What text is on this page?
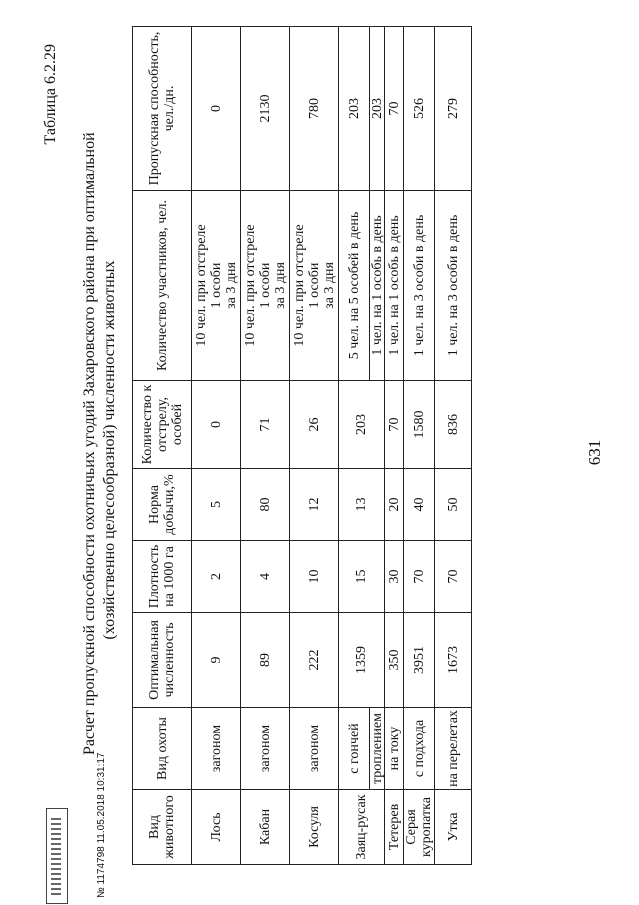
631
Таблица 6.2.29
Расчет пропускной способности охотничьих угодий Захаровского района при оптимальной (хозяйственно целесообразной) численности животных
Вид животного	Вид охоты	Оптимальная численность	Плотность на 1000 га	Норма добычи,%	Количество к отстрелу, особей	Количество участников, чел.	Пропускная способность, чел./дн.
Лось	загоном	9	2	5	0	10 чел. при отстреле 1 особи за 3 дня	0
Кабан	загоном	89	4	80	71	10 чел. при отстреле 1 особи за 3 дня	2130
Косуля	загоном	222	10	12	26	10 чел. при отстреле 1 особи за 3 дня	780
Заяц-русак	с гончей	1359	15	13	203	5 чел. на 5 особей в день	203
	троплением					1 чел. на 1 особь в день	203
Тетерев	на току	350	30	20	70	1 чел. на 1 особь в день	70
Серая куропатка	с подхода	3951	70	40	1580	1 чел. на 3 особи в день	526
Утка	на перелетах	1673	70	50	836	1 чел. на 3 особи в день	279
№ 1174798 11.05.2018 10:31:17
